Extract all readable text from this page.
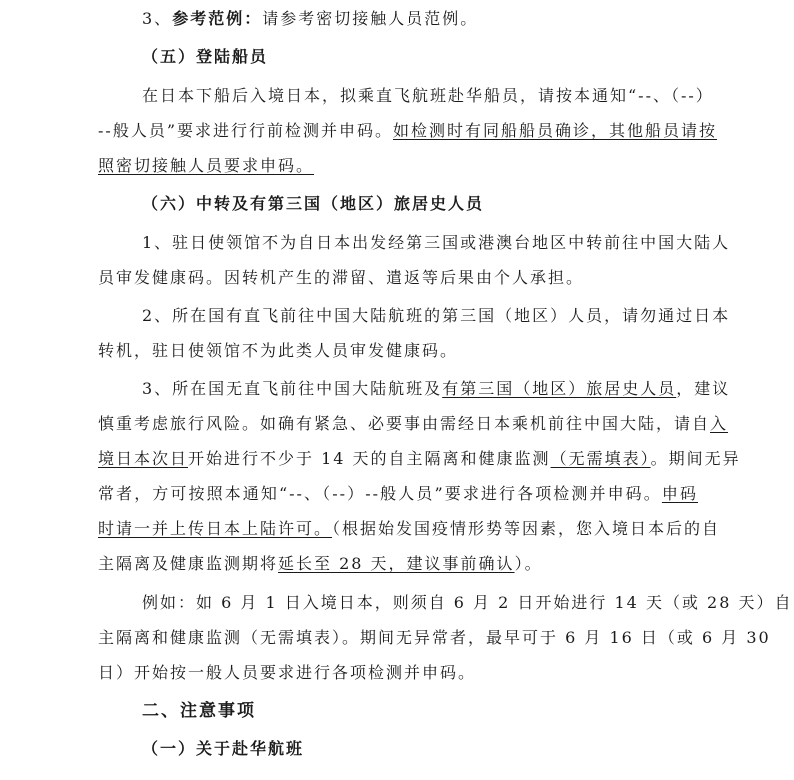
3、参考范例：请参考密切接触人员范例。
（五）登陆船员
在日本下船后入境日本，拟乘直飞航班赴华船员，请按本通知“--、（--）
--般人员”要求进行行前检测并申码。如检测时有同船船员确诊，其他船员请按
照密切接触人员要求申码。
（六）中转及有第三国（地区）旅居史人员
1、驻日使领馆不为自日本出发经第三国或港澳台地区中转前往中国大陆人
员审发健康码。因转机产生的滞留、遣返等后果由个人承担。
2、所在国有直飞前往中国大陆航班的第三国（地区）人员，请勿通过日本
转机，驻日使领馆不为此类人员审发健康码。
3、所在国无直飞前往中国大陆航班及有第三国（地区）旅居史人员，建议
慎重考虑旅行风险。如确有紧急、必要事由需经日本乘机前往中国大陆，请自入
境日本次日开始进行不少于 14 天的自主隔离和健康监测（无需填表）。期间无异
常者，方可按照本通知“--、（--）--般人员”要求进行各项检测并申码。申码
时请一并上传日本上陆许可。（根据始发国疫情形势等因素，您入境日本后的自
主隔离及健康监测期将延长至 28 天，建议事前确认）。
例如：如 6 月 1 日入境日本，则须自 6 月 2 日开始进行 14 天（或 28 天）自
主隔离和健康监测（无需填表）。期间无异常者，最早可于 6 月 16 日（或 6 月 30
日）开始按一般人员要求进行各项检测并申码。
二、注意事项
（一）关于赴华航班
